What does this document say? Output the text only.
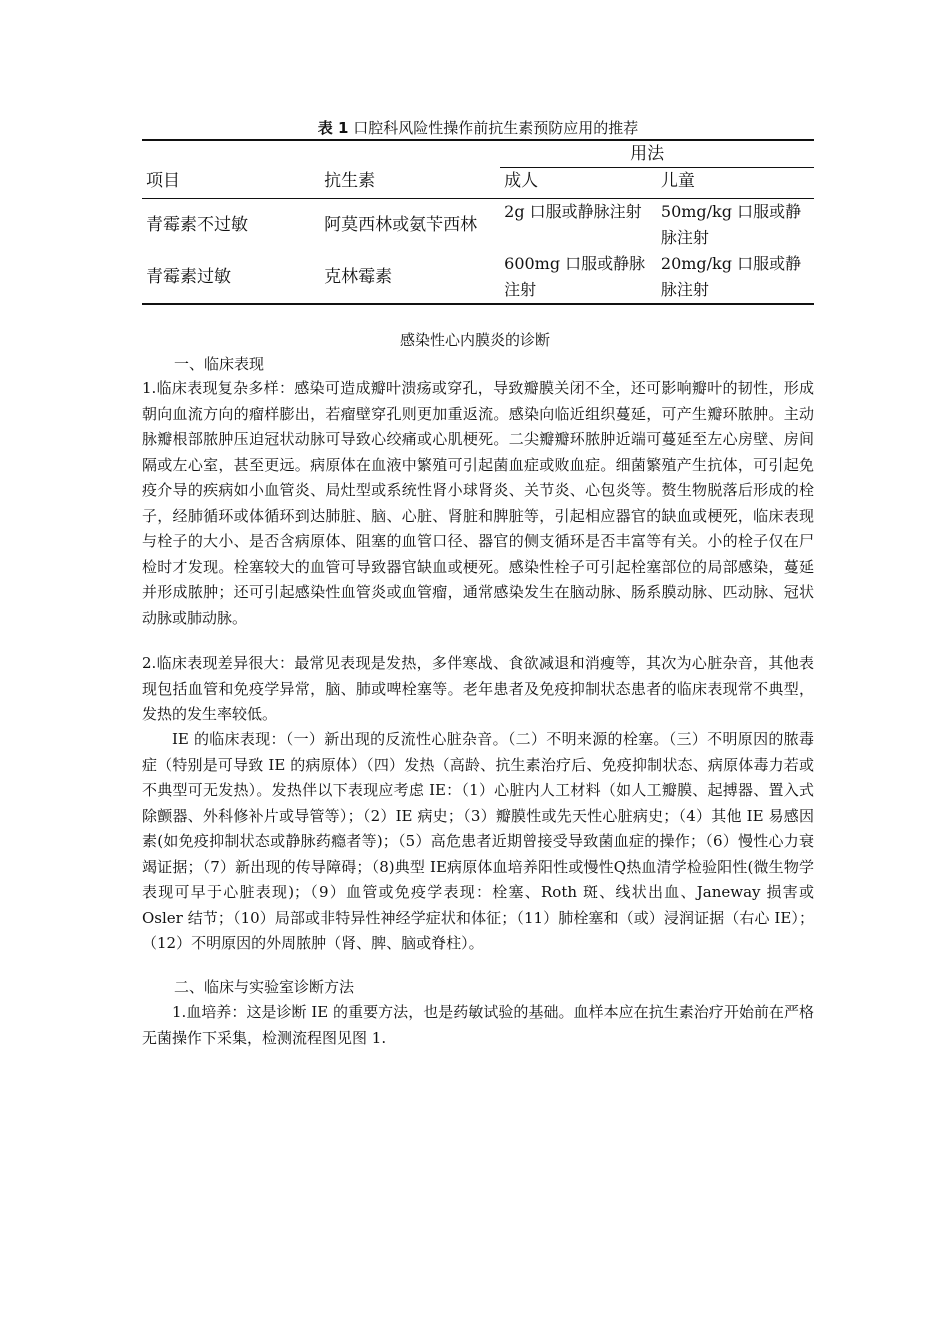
表 1 口腔科风险性操作前抗生素预防应用的推荐
		用法	
项目	抗生素	成人	儿童
青霉素不过敏	阿莫西林或氨苄西林	2g 口服或静脉注射	50mg/kg 口服或静脉注射
青霉素过敏	克林霉素	600mg 口服或静脉注射	20mg/kg 口服或静脉注射
感染性心内膜炎的诊断
一、临床表现
1.临床表现复杂多样：感染可造成瓣叶溃疡或穿孔，导致瓣膜关闭不全，还可影响瓣叶的韧性，形成朝向血流方向的瘤样膨出，若瘤壁穿孔则更加重返流。感染向临近组织蔓延，可产生瓣环脓肿。主动脉瓣根部脓肿压迫冠状动脉可导致心绞痛或心肌梗死。二尖瓣瓣环脓肿近端可蔓延至左心房壁、房间隔或左心室，甚至更远。病原体在血液中繁殖可引起菌血症或败血症。细菌繁殖产生抗体，可引起免疫介导的疾病如小血管炎、局灶型或系统性肾小球肾炎、关节炎、心包炎等。赘生物脱落后形成的栓子，经肺循环或体循环到达肺脏、脑、心脏、肾脏和脾脏等，引起相应器官的缺血或梗死，临床表现与栓子的大小、是否含病原体、阻塞的血管口径、器官的侧支循环是否丰富等有关。小的栓子仅在尸检时才发现。栓塞较大的血管可导致器官缺血或梗死。感染性栓子可引起栓塞部位的局部感染，蔓延并形成脓肿；还可引起感染性血管炎或血管瘤，通常感染发生在脑动脉、肠系膜动脉、匹动脉、冠状动脉或肺动脉。
2.临床表现差异很大：最常见表现是发热，多伴寒战、食欲减退和消瘦等，其次为心脏杂音，其他表现包括血管和免疫学异常，脑、肺或啤栓塞等。老年患者及免疫抑制状态患者的临床表现常不典型，发热的发生率较低。
IE 的临床表现：（一）新出现的反流性心脏杂音。（二）不明来源的栓塞。（三）不明原因的脓毒症（特别是可导致 IE 的病原体）（四）发热（高龄、抗生素治疗后、免疫抑制状态、病原体毒力若或不典型可无发热）。发热伴以下表现应考虑 IE：（1）心脏内人工材料（如人工瓣膜、起搏器、置入式除颤器、外科修补片或导管等）；（2）IE 病史；（3）瓣膜性或先天性心脏病史；（4）其他 IE 易感因素(如免疫抑制状态或静脉药瘾者等)；（5）高危患者近期曾接受导致菌血症的操作；（6）慢性心力衰竭证据；（7）新出现的传导障碍；（8)典型 IE病原体血培养阳性或慢性Q热血清学检验阳性(微生物学表现可早于心脏表现)；（9）血管或免疫学表现：栓塞、Roth 斑、线状出血、Janeway 损害或 Osler 结节；（10）局部或非特异性神经学症状和体征；（11）肺栓塞和（或）浸润证据（右心 IE）；（12）不明原因的外周脓肿（肾、脾、脑或脊柱）。
二、临床与实验室诊断方法
1.血培养：这是诊断 IE 的重要方法，也是药敏试验的基础。血样本应在抗生素治疗开始前在严格无菌操作下采集，检测流程图见图 1.
